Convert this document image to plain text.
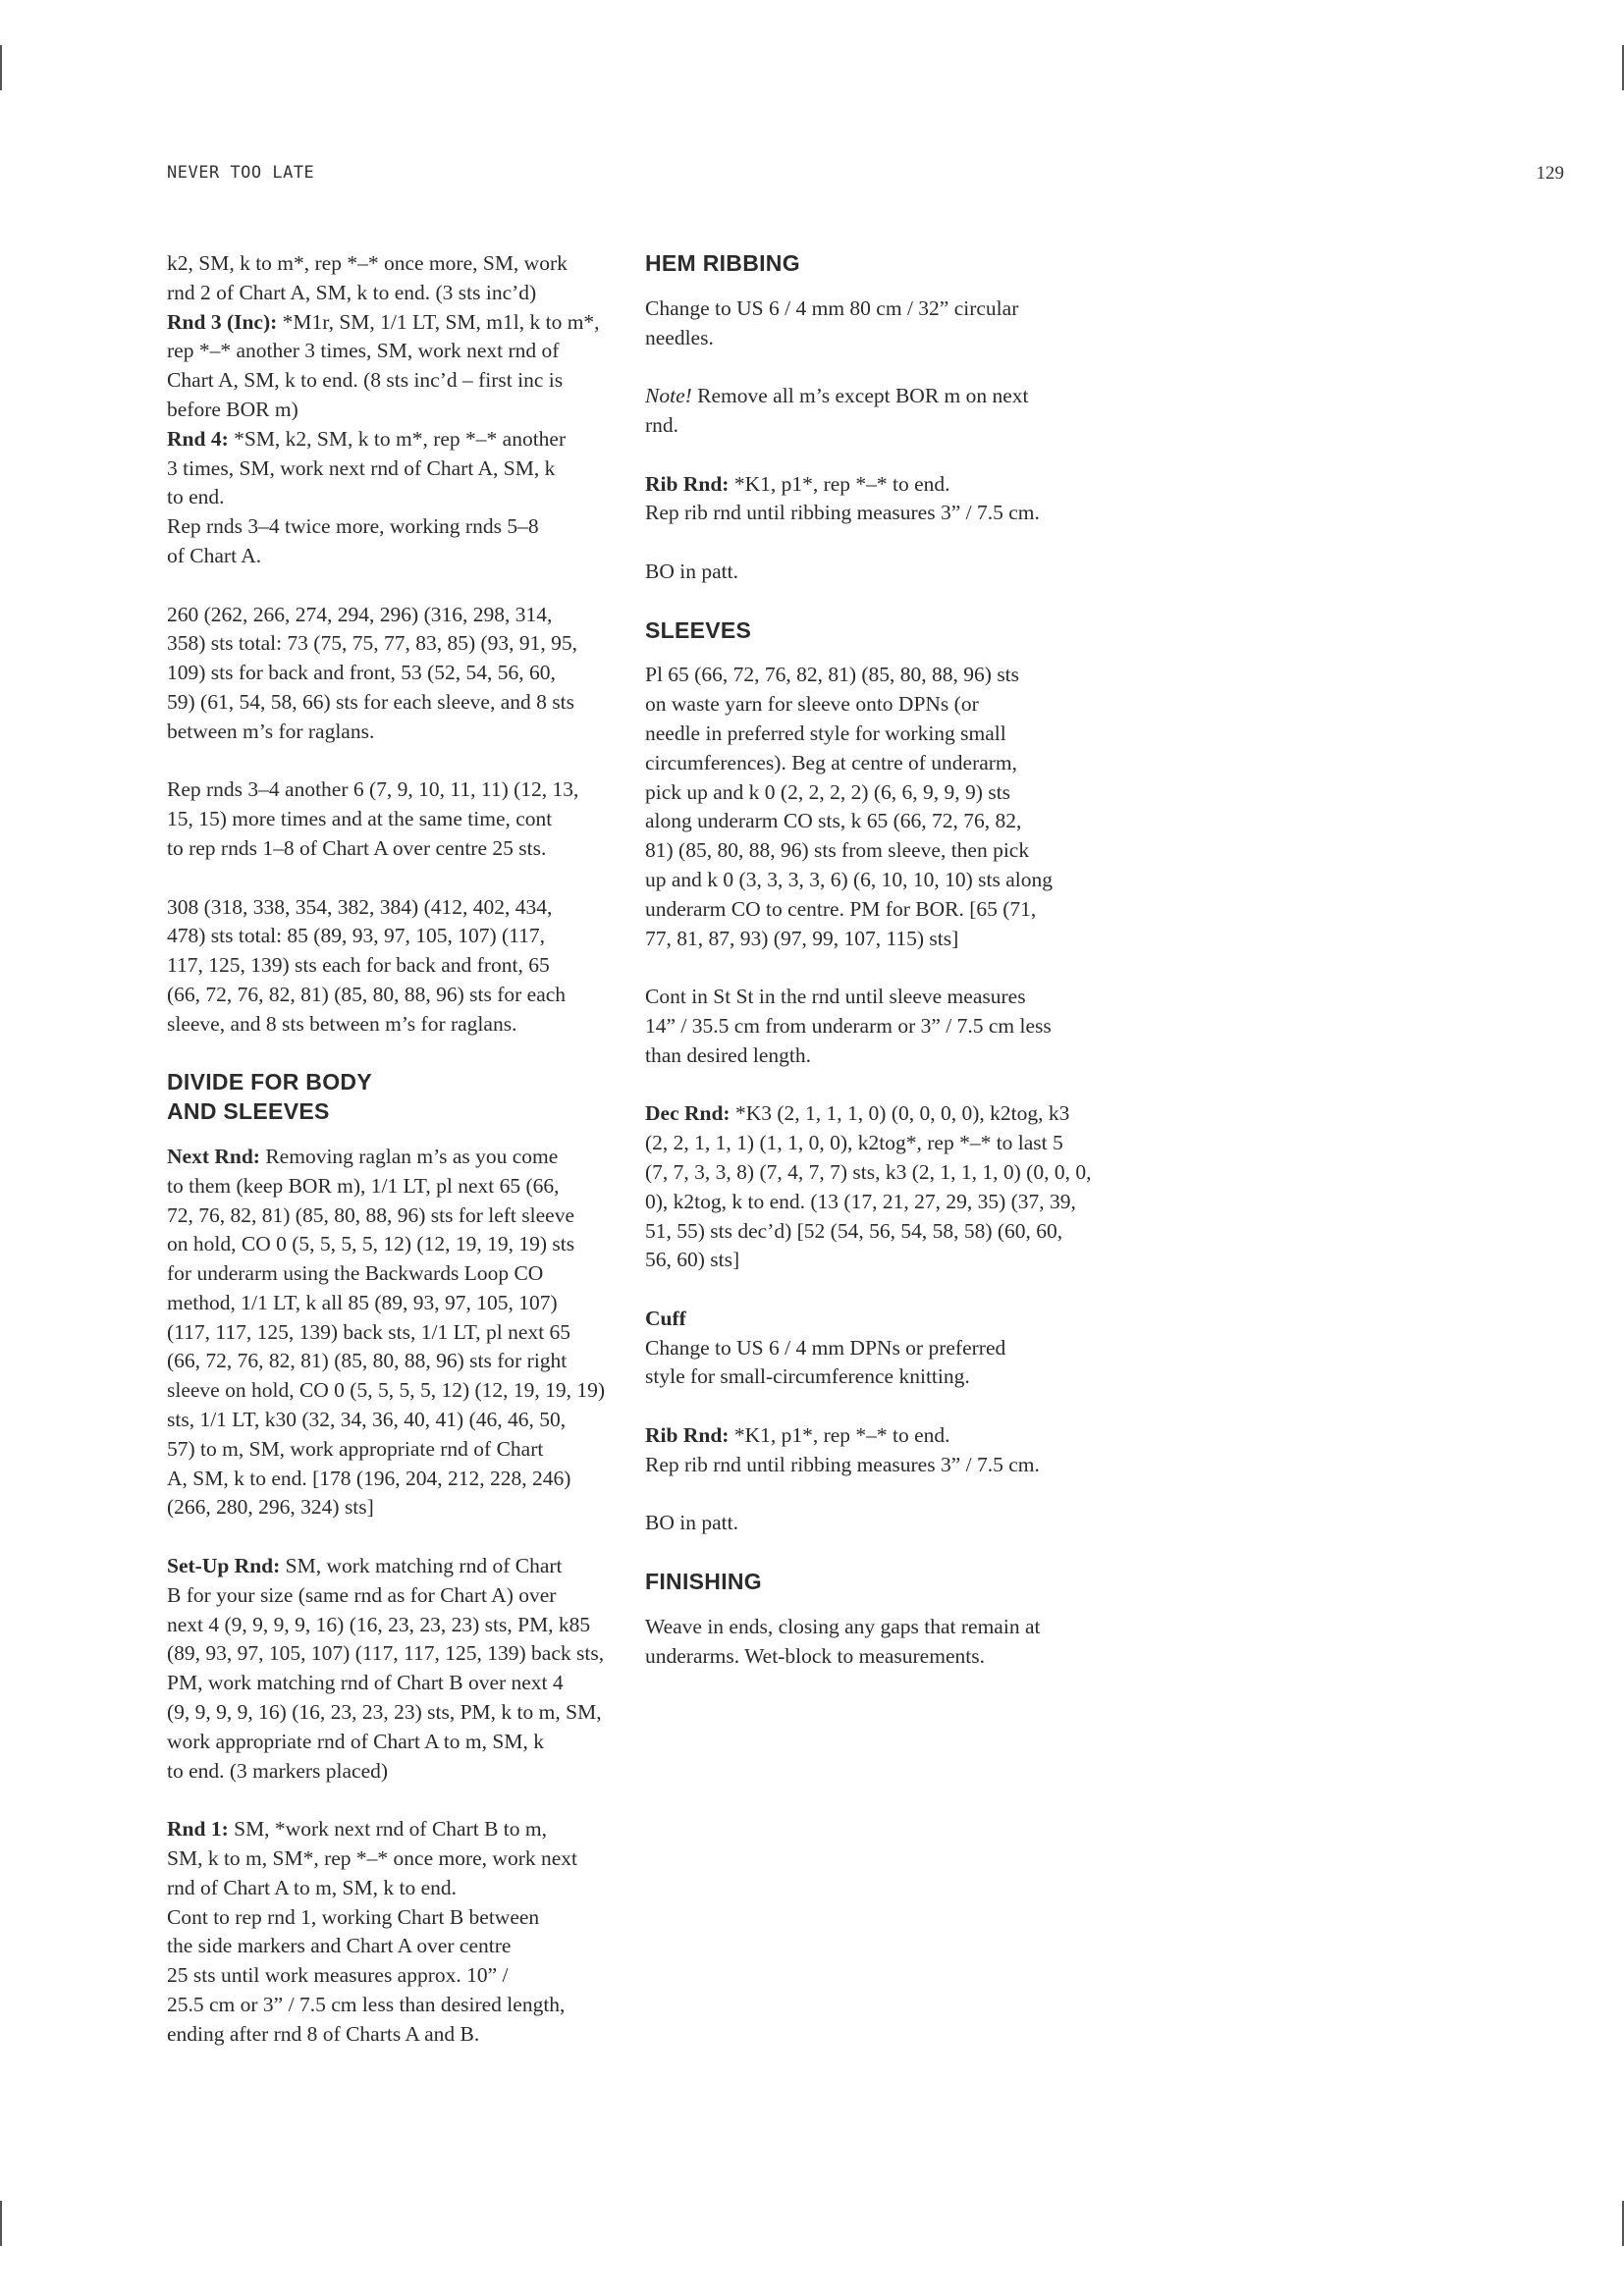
NEVER TOO LATE	129

k2, SM, k to m*, rep *–* once more, SM, work
rnd 2 of Chart A, SM, k to end. (3 sts inc’d)
Rnd 3 (Inc): *M1r, SM, 1/1 LT, SM, m1l, k to m*,
rep *–* another 3 times, SM, work next rnd of
Chart A, SM, k to end. (8 sts inc’d – first inc is
before BOR m)
Rnd 4: *SM, k2, SM, k to m*, rep *–* another
3 times, SM, work next rnd of Chart A, SM, k
to end.
Rep rnds 3–4 twice more, working rnds 5–8
of Chart A.

260 (262, 266, 274, 294, 296) (316, 298, 314,
358) sts total: 73 (75, 75, 77, 83, 85) (93, 91, 95,
109) sts for back and front, 53 (52, 54, 56, 60,
59) (61, 54, 58, 66) sts for each sleeve, and 8 sts
between m’s for raglans.

Rep rnds 3–4 another 6 (7, 9, 10, 11, 11) (12, 13,
15, 15) more times and at the same time, cont
to rep rnds 1–8 of Chart A over centre 25 sts.

308 (318, 338, 354, 382, 384) (412, 402, 434,
478) sts total: 85 (89, 93, 97, 105, 107) (117,
117, 125, 139) sts each for back and front, 65
(66, 72, 76, 82, 81) (85, 80, 88, 96) sts for each
sleeve, and 8 sts between m’s for raglans.

DIVIDE FOR BODY
AND SLEEVES

Next Rnd: Removing raglan m’s as you come
to them (keep BOR m), 1/1 LT, pl next 65 (66,
72, 76, 82, 81) (85, 80, 88, 96) sts for left sleeve
on hold, CO 0 (5, 5, 5, 5, 12) (12, 19, 19, 19) sts
for underarm using the Backwards Loop CO
method, 1/1 LT, k all 85 (89, 93, 97, 105, 107)
(117, 117, 125, 139) back sts, 1/1 LT, pl next 65
(66, 72, 76, 82, 81) (85, 80, 88, 96) sts for right
sleeve on hold, CO 0 (5, 5, 5, 5, 12) (12, 19, 19, 19)
sts, 1/1 LT, k30 (32, 34, 36, 40, 41) (46, 46, 50,
57) to m, SM, work appropriate rnd of Chart
A, SM, k to end. [178 (196, 204, 212, 228, 246)
(266, 280, 296, 324) sts]

Set-Up Rnd: SM, work matching rnd of Chart
B for your size (same rnd as for Chart A) over
next 4 (9, 9, 9, 9, 16) (16, 23, 23, 23) sts, PM, k85
(89, 93, 97, 105, 107) (117, 117, 125, 139) back sts,
PM, work matching rnd of Chart B over next 4
(9, 9, 9, 9, 16) (16, 23, 23, 23) sts, PM, k to m, SM,
work appropriate rnd of Chart A to m, SM, k
to end. (3 markers placed)

Rnd 1: SM, *work next rnd of Chart B to m,
SM, k to m, SM*, rep *–* once more, work next
rnd of Chart A to m, SM, k to end.
Cont to rep rnd 1, working Chart B between
the side markers and Chart A over centre
25 sts until work measures approx. 10” /
25.5 cm or 3” / 7.5 cm less than desired length,
ending after rnd 8 of Charts A and B.

HEM RIBBING

Change to US 6 / 4 mm 80 cm / 32” circular
needles.

Note! Remove all m’s except BOR m on next
rnd.

Rib Rnd: *K1, p1*, rep *–* to end.
Rep rib rnd until ribbing measures 3” / 7.5 cm.

BO in patt.

SLEEVES

Pl 65 (66, 72, 76, 82, 81) (85, 80, 88, 96) sts
on waste yarn for sleeve onto DPNs (or
needle in preferred style for working small
circumferences). Beg at centre of underarm,
pick up and k 0 (2, 2, 2, 2) (6, 6, 9, 9, 9) sts
along underarm CO sts, k 65 (66, 72, 76, 82,
81) (85, 80, 88, 96) sts from sleeve, then pick
up and k 0 (3, 3, 3, 3, 6) (6, 10, 10, 10) sts along
underarm CO to centre. PM for BOR. [65 (71,
77, 81, 87, 93) (97, 99, 107, 115) sts]

Cont in St St in the rnd until sleeve measures
14” / 35.5 cm from underarm or 3” / 7.5 cm less
than desired length.

Dec Rnd: *K3 (2, 1, 1, 1, 0) (0, 0, 0, 0), k2tog, k3
(2, 2, 1, 1, 1) (1, 1, 0, 0), k2tog*, rep *–* to last 5
(7, 7, 3, 3, 8) (7, 4, 7, 7) sts, k3 (2, 1, 1, 1, 0) (0, 0, 0,
0), k2tog, k to end. (13 (17, 21, 27, 29, 35) (37, 39,
51, 55) sts dec’d) [52 (54, 56, 54, 58, 58) (60, 60,
56, 60) sts]

Cuff
Change to US 6 / 4 mm DPNs or preferred
style for small-circumference knitting.

Rib Rnd: *K1, p1*, rep *–* to end.
Rep rib rnd until ribbing measures 3” / 7.5 cm.

BO in patt.

FINISHING

Weave in ends, closing any gaps that remain at
underarms. Wet-block to measurements.
